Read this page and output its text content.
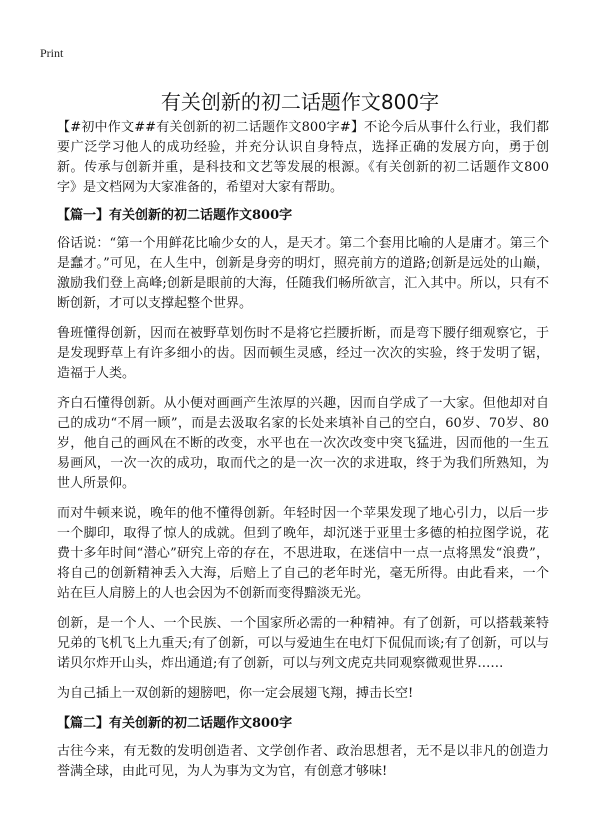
Print
有关创新的初二话题作文800字

【#初中作文##有关创新的初二话题作文800字#】不论今后从事什么行业，我们都要广泛学习他人的成功经验，并充分认识自身特点，选择正确的发展方向，勇于创新。传承与创新并重，是科技和文艺等发展的根源。《有关创新的初二话题作文800字》是文档网为大家准备的，希望对大家有帮助。

【篇一】有关创新的初二话题作文800字

俗话说：“第一个用鲜花比喻少女的人，是天才。第二个套用比喻的人是庸才。第三个是蠢才。”可见，在人生中，创新是身旁的明灯，照亮前方的道路;创新是远处的山巅，激励我们登上高峰;创新是眼前的大海，任随我们畅所欲言，汇入其中。所以，只有不断创新，才可以支撑起整个世界。

鲁班懂得创新，因而在被野草划伤时不是将它拦腰折断，而是弯下腰仔细观察它，于是发现野草上有许多细小的齿。因而顿生灵感，经过一次次的实验，终于发明了锯，造福于人类。

齐白石懂得创新。从小便对画画产生浓厚的兴趣，因而自学成了一大家。但他却对自己的成功“不屑一顾”，而是去汲取名家的长处来填补自己的空白，60岁、70岁、80岁，他自己的画风在不断的改变，水平也在一次次改变中突飞猛进，因而他的一生五易画风，一次一次的成功，取而代之的是一次一次的求进取，终于为我们所熟知，为世人所景仰。

而对牛顿来说，晚年的他不懂得创新。年轻时因一个苹果发现了地心引力，以后一步一个脚印，取得了惊人的成就。但到了晚年，却沉迷于亚里士多德的柏拉图学说，花费十多年时间“潜心”研究上帝的存在，不思进取，在迷信中一点一点将黑发“浪费”，将自己的创新精神丢入大海，后赔上了自己的老年时光，毫无所得。由此看来，一个站在巨人肩膀上的人也会因为不创新而变得黯淡无光。

创新，是一个人、一个民族、一个国家所必需的一种精神。有了创新，可以搭载莱特兄弟的飞机飞上九重天;有了创新，可以与爱迪生在电灯下侃侃而谈;有了创新，可以与诺贝尔炸开山头，炸出通道;有了创新，可以与列文虎克共同观察微观世界……

为自己插上一双创新的翅膀吧，你一定会展翅飞翔，搏击长空!

【篇二】有关创新的初二话题作文800字

古往今来，有无数的发明创造者、文学创作者、政治思想者，无不是以非凡的创造力誉满全球，由此可见，为人为事为文为官，有创意才够味!
